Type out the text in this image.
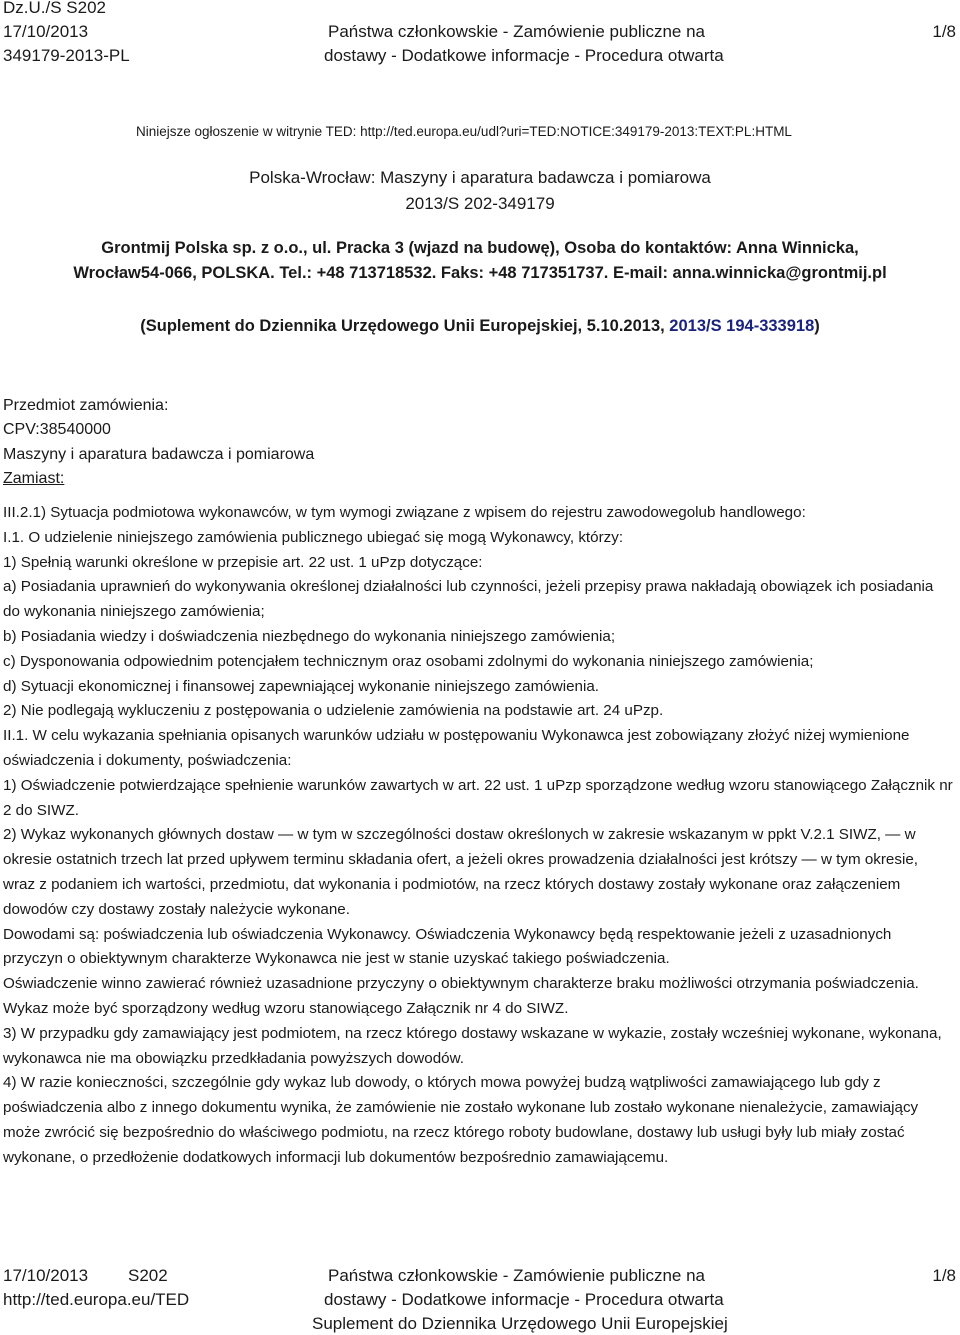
Dz.U./S S202
17/10/2013
349179-2013-PL
Państwa członkowskie - Zamówienie publiczne na
dostawy - Dodatkowe informacje - Procedura otwarta
1/8
Niniejsze ogłoszenie w witrynie TED: http://ted.europa.eu/udl?uri=TED:NOTICE:349179-2013:TEXT:PL:HTML
Polska-Wrocław: Maszyny i aparatura badawcza i pomiarowa
2013/S 202-349179
Grontmij Polska sp. z o.o., ul. Pracka 3 (wjazd na budowę), Osoba do kontaktów: Anna Winnicka,
Wrocław54-066, POLSKA. Tel.: +48 713718532. Faks: +48 717351737. E-mail: anna.winnicka@grontmij.pl
(Suplement do Dziennika Urzędowego Unii Europejskiej, 5.10.2013, 2013/S 194-333918)
Przedmiot zamówienia:
CPV:38540000
Maszyny i aparatura badawcza i pomiarowa
Zamiast:

III.2.1) Sytuacja podmiotowa wykonawców, w tym wymogi związane z wpisem do rejestru zawodowegolub handlowego:

I.1. O udzielenie niniejszego zamówienia publicznego ubiegać się mogą Wykonawcy, którzy:

1) Spełnią warunki określone w przepisie art. 22 ust. 1 uPzp dotyczące:

a) Posiadania uprawnień do wykonywania określonej działalności lub czynności, jeżeli przepisy prawa nakładają obowiązek ich posiadania do wykonania niniejszego zamówienia;

b) Posiadania wiedzy i doświadczenia niezbędnego do wykonania niniejszego zamówienia;

c) Dysponowania odpowiednim potencjałem technicznym oraz osobami zdolnymi do wykonania niniejszego zamówienia;

d) Sytuacji ekonomicznej i finansowej zapewniającej wykonanie niniejszego zamówienia.

2) Nie podlegają wykluczeniu z postępowania o udzielenie zamówienia na podstawie art. 24 uPzp.

II.1. W celu wykazania spełniania opisanych warunków udziału w postępowaniu Wykonawca jest zobowiązany złożyć niżej wymienione oświadczenia i dokumenty, poświadczenia:

1) Oświadczenie potwierdzające spełnienie warunków zawartych w art. 22 ust. 1 uPzp sporządzone według wzoru stanowiącego Załącznik nr 2 do SIWZ.

2) Wykaz wykonanych głównych dostaw — w tym w szczególności dostaw określonych w zakresie wskazanym w ppkt V.2.1 SIWZ, — w okresie ostatnich trzech lat przed upływem terminu składania ofert, a jeżeli okres prowadzenia działalności jest krótszy — w tym okresie, wraz z podaniem ich wartości, przedmiotu, dat wykonania i podmiotów, na rzecz których dostawy zostały wykonane oraz załączeniem dowodów czy dostawy zostały należycie wykonane.

Dowodami są: poświadczenia lub oświadczenia Wykonawcy. Oświadczenia Wykonawcy będą respektowanie jeżeli z uzasadnionych przyczyn o obiektywnym charakterze Wykonawca nie jest w stanie uzyskać takiego poświadczenia.

Oświadczenie winno zawierać również uzasadnione przyczyny o obiektywnym charakterze braku możliwości otrzymania poświadczenia.

Wykaz może być sporządzony według wzoru stanowiącego Załącznik nr 4 do SIWZ.

3) W przypadku gdy zamawiający jest podmiotem, na rzecz którego dostawy wskazane w wykazie, zostały wcześniej wykonane, wykonana, wykonawca nie ma obowiązku przedkładania powyższych dowodów.

4) W razie konieczności, szczególnie gdy wykaz lub dowody, o których mowa powyżej budzą wątpliwości zamawiającego lub gdy z poświadczenia albo z innego dokumentu wynika, że zamówienie nie zostało wykonane lub zostało wykonane nienależycie, zamawiający może zwrócić się bezpośrednio do właściwego podmiotu, na rzecz którego roboty budowlane, dostawy lub usługi były lub miały zostać wykonane, o przedłożenie dodatkowych informacji lub dokumentów bezpośrednio zamawiającemu.

17/10/2013 S202
http://ted.europa.eu/TED
Państwa członkowskie - Zamówienie publiczne na
dostawy - Dodatkowe informacje - Procedura otwarta
Suplement do Dziennika Urzędowego Unii Europejskiej
1/8
